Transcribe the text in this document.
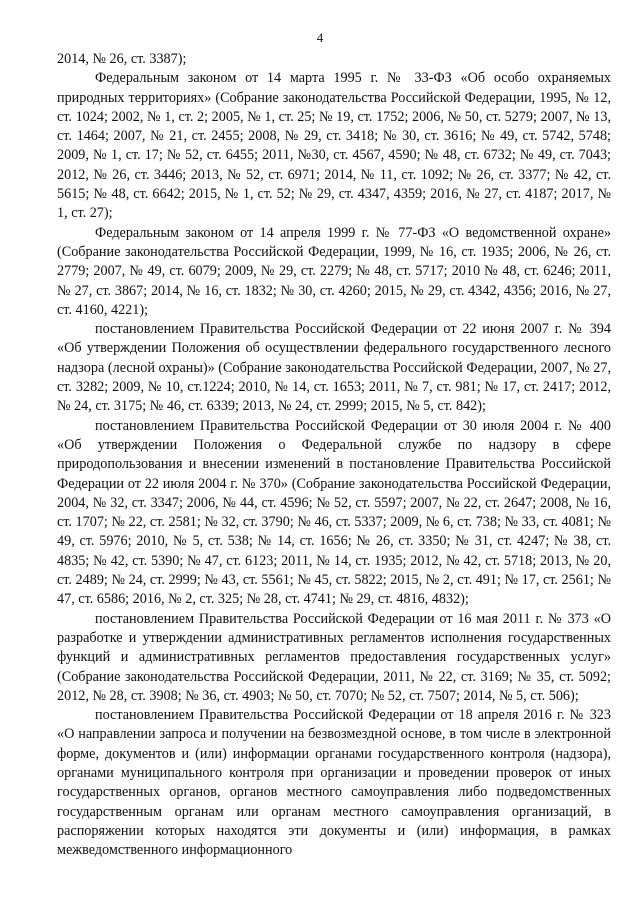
4

2014, № 26, ст. 3387);

Федеральным законом от 14 марта 1995 г. № 33-ФЗ «Об особо охраняемых природных территориях» (Собрание законодательства Российской Федерации, 1995, № 12, ст. 1024; 2002, № 1, ст. 2; 2005, № 1, ст. 25; № 19, ст. 1752; 2006, № 50, ст. 5279; 2007, № 13, ст. 1464; 2007, № 21, ст. 2455; 2008, № 29, ст. 3418; № 30, ст. 3616; № 49, ст. 5742, 5748; 2009, № 1, ст. 17; № 52, ст. 6455; 2011, №30, ст. 4567, 4590; № 48, ст. 6732; № 49, ст. 7043; 2012, № 26, ст. 3446; 2013, № 52, ст. 6971; 2014, № 11, ст. 1092; № 26, ст. 3377; № 42, ст. 5615; № 48, ст. 6642; 2015, № 1, ст. 52; № 29, ст. 4347, 4359; 2016, № 27, ст. 4187; 2017, № 1, ст. 27);

Федеральным законом от 14 апреля 1999 г. № 77-ФЗ «О ведомственной охране» (Собрание законодательства Российской Федерации, 1999, № 16, ст. 1935; 2006, № 26, ст. 2779; 2007, № 49, ст. 6079; 2009, № 29, ст. 2279; № 48, ст. 5717; 2010 № 48, ст. 6246; 2011, № 27, ст. 3867; 2014, № 16, ст. 1832; № 30, ст. 4260; 2015, № 29, ст. 4342, 4356; 2016, № 27, ст. 4160, 4221);

постановлением Правительства Российской Федерации от 22 июня 2007 г. № 394 «Об утверждении Положения об осуществлении федерального государственного лесного надзора (лесной охраны)» (Собрание законодательства Российской Федерации, 2007, № 27, ст. 3282; 2009, № 10, ст.1224; 2010, № 14, ст. 1653; 2011, № 7, ст. 981; № 17, ст. 2417; 2012, № 24, ст. 3175; № 46, ст. 6339; 2013, № 24, ст. 2999; 2015, № 5, ст. 842);

постановлением Правительства Российской Федерации от 30 июля 2004 г. № 400 «Об утверждении Положения о Федеральной службе по надзору в сфере природопользования и внесении изменений в постановление Правительства Российской Федерации от 22 июля 2004 г. № 370» (Собрание законодательства Российской Федерации, 2004, № 32, ст. 3347; 2006, № 44, ст. 4596; № 52, ст. 5597; 2007, № 22, ст. 2647; 2008, № 16, ст. 1707; № 22, ст. 2581; № 32, ст. 3790; № 46, ст. 5337; 2009, № 6, ст. 738; № 33, ст. 4081; № 49, ст. 5976; 2010, № 5, ст. 538; № 14, ст. 1656; № 26, ст. 3350; № 31, ст. 4247; № 38, ст. 4835; № 42, ст. 5390; № 47, ст. 6123; 2011, № 14, ст. 1935; 2012, № 42, ст. 5718; 2013, № 20, ст. 2489; № 24, ст. 2999; № 43, ст. 5561; № 45, ст. 5822; 2015, № 2, ст. 491; № 17, ст. 2561; № 47, ст. 6586; 2016, № 2, ст. 325; № 28, ст. 4741; № 29, ст. 4816, 4832);

постановлением Правительства Российской Федерации от 16 мая 2011 г. № 373 «О разработке и утверждении административных регламентов исполнения государственных функций и административных регламентов предоставления государственных услуг» (Собрание законодательства Российской Федерации, 2011, № 22, ст. 3169; № 35, ст. 5092; 2012, № 28, ст. 3908; № 36, ст. 4903; № 50, ст. 7070; № 52, ст. 7507; 2014, № 5, ст. 506);

постановлением Правительства Российской Федерации от 18 апреля 2016 г. № 323 «О направлении запроса и получении на безвозмездной основе, в том числе в электронной форме, документов и (или) информации органами государственного контроля (надзора), органами муниципального контроля при организации и проведении проверок от иных государственных органов, органов местного самоуправления либо подведомственных государственным органам или органам местного самоуправления организаций, в распоряжении которых находятся эти документы и (или) информация, в рамках межведомственного информационного
